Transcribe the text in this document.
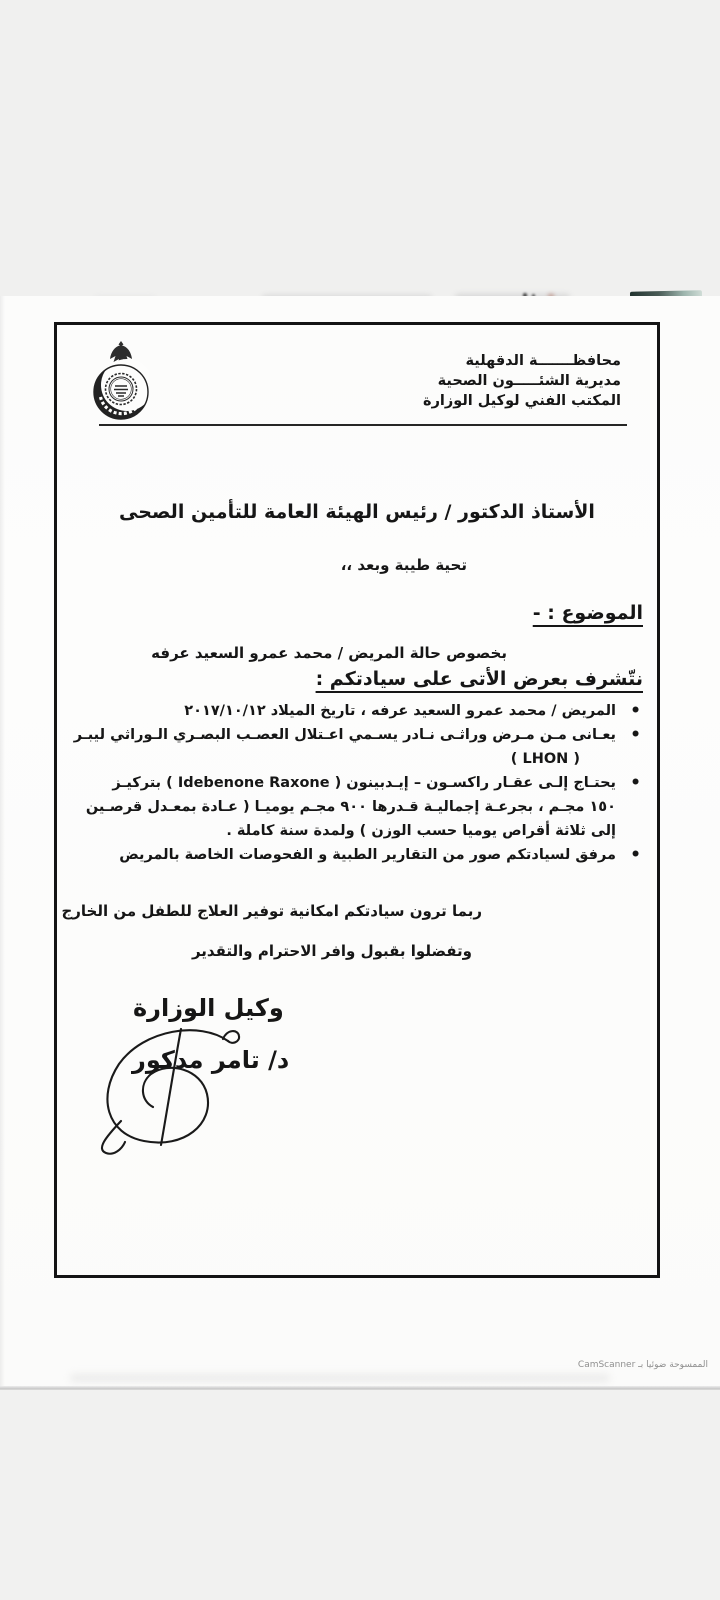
محافظـــــــة الدقهلية
مديرية الشئـــــون الصحية
المكتب الفني لوكيل الوزارة
الأستاذ الدكتور / رئيس الهيئة العامة للتأمين الصحى
تحية طيبة وبعد ،،
الموضوع : -
بخصوص حالة المريض / محمد عمرو السعيد عرفه
نتّشرف بعرض الأتى على سيادتكم :
• المريض / محمد عمرو السعيد عرفه ، تاريخ الميلاد ٢٠١٧/١٠/١٢
• يعـانى مـن مـرض وراثـى نـادر يسـمي اعـتلال العصـب البصـري الـوراثي ليبـر
( LHON )
• يحتـاج إلـى عقـار راكسـون – إيـدبينون ( Idebenone Raxone ) بتركيـز
١٥٠ مجـم ، بجرعـة إجماليـة قـدرها ٩٠٠ مجـم يوميـا ( عـادة بمعـدل قرصـين
إلى ثلاثة أقراص يوميا حسب الوزن ) ولمدة سنة كاملة .
• مرفق لسيادتكم صور من التقارير الطبية و الفحوصات الخاصة بالمريض
ربما ترون سيادتكم امكانية توفير العلاج للطفل من الخارج
وتفضلوا بقبول وافر الاحترام والتقدير
وكيل الوزارة
د/ تامر مدكور
الممسوحة ضوئيا بـ CamScanner
